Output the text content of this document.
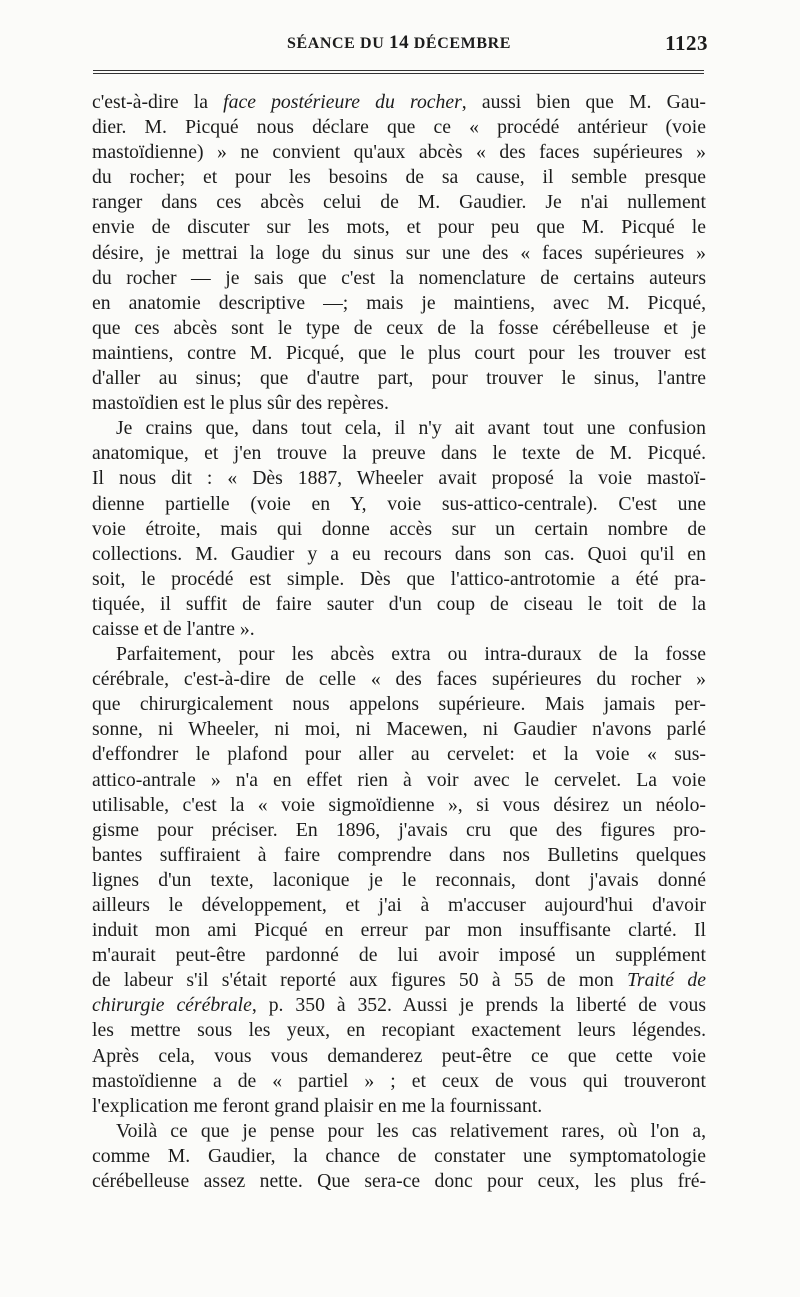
SÉANCE DU 14 DÉCEMBRE	1123
c'est-à-dire la face postérieure du rocher, aussi bien que M. Gau-
dier. M. Picqué nous déclare que ce « procédé antérieur (voie
mastoïdienne) » ne convient qu'aux abcès « des faces supérieures »
du rocher; et pour les besoins de sa cause, il semble presque
ranger dans ces abcès celui de M. Gaudier. Je n'ai nullement
envie de discuter sur les mots, et pour peu que M. Picqué le
désire, je mettrai la loge du sinus sur une des « faces supérieures »
du rocher — je sais que c'est la nomenclature de certains auteurs
en anatomie descriptive —; mais je maintiens, avec M. Picqué,
que ces abcès sont le type de ceux de la fosse cérébelleuse et je
maintiens, contre M. Picqué, que le plus court pour les trouver est
d'aller au sinus; que d'autre part, pour trouver le sinus, l'antre
mastoïdien est le plus sûr des repères.
Je crains que, dans tout cela, il n'y ait avant tout une confusion
anatomique, et j'en trouve la preuve dans le texte de M. Picqué.
Il nous dit : « Dès 1887, Wheeler avait proposé la voie mastoï-
dienne partielle (voie en Y, voie sus-attico-centrale). C'est une
voie étroite, mais qui donne accès sur un certain nombre de
collections. M. Gaudier y a eu recours dans son cas. Quoi qu'il en
soit, le procédé est simple. Dès que l'attico-antrotomie a été pra-
tiquée, il suffit de faire sauter d'un coup de ciseau le toit de la
caisse et de l'antre ».
Parfaitement, pour les abcès extra ou intra-duraux de la fosse
cérébrale, c'est-à-dire de celle « des faces supérieures du rocher »
que chirurgicalement nous appelons supérieure. Mais jamais per-
sonne, ni Wheeler, ni moi, ni Macewen, ni Gaudier n'avons parlé
d'effondrer le plafond pour aller au cervelet: et la voie « sus-
attico-antrale » n'a en effet rien à voir avec le cervelet. La voie
utilisable, c'est la « voie sigmoïdienne », si vous désirez un néolo-
gisme pour préciser. En 1896, j'avais cru que des figures pro-
bantes suffiraient à faire comprendre dans nos Bulletins quelques
lignes d'un texte, laconique je le reconnais, dont j'avais donné
ailleurs le développement, et j'ai à m'accuser aujourd'hui d'avoir
induit mon ami Picqué en erreur par mon insuffisante clarté. Il
m'aurait peut-être pardonné de lui avoir imposé un supplément
de labeur s'il s'était reporté aux figures 50 à 55 de mon Traité de
chirurgie cérébrale, p. 350 à 352. Aussi je prends la liberté de vous
les mettre sous les yeux, en recopiant exactement leurs légendes.
Après cela, vous vous demanderez peut-être ce que cette voie
mastoïdienne a de « partiel » ; et ceux de vous qui trouveront
l'explication me feront grand plaisir en me la fournissant.
Voilà ce que je pense pour les cas relativement rares, où l'on a,
comme M. Gaudier, la chance de constater une symptomatologie
cérébelleuse assez nette. Que sera-ce donc pour ceux, les plus fré-
